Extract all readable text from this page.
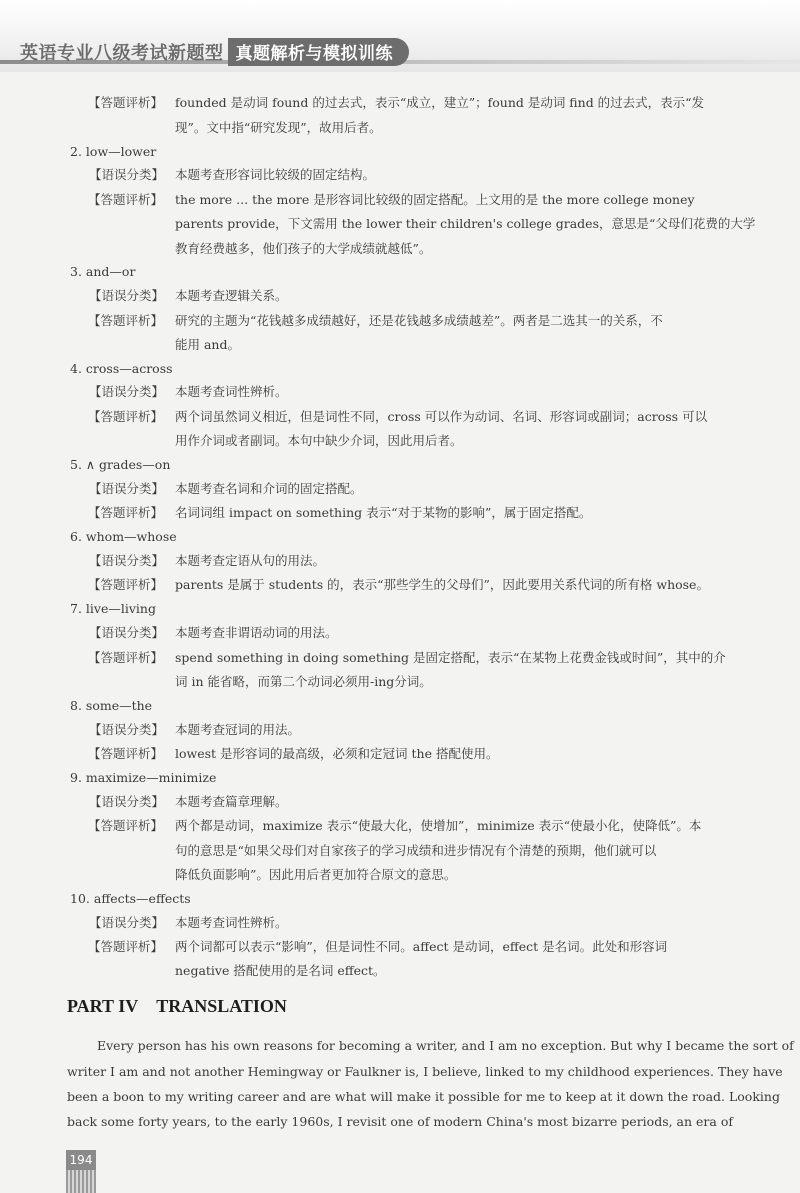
英语专业八级考试新题型 真题解析与模拟训练
【答题评析】 founded 是动词 found 的过去式，表示“成立，建立”；found 是动词 find 的过去式，表示“发
现”。文中指“研究发现”，故用后者。
2. low—lower
【语误分类】 本题考查形容词比较级的固定结构。
【答题评析】 the more ... the more 是形容词比较级的固定搭配。上文用的是 the more college money
parents provide，下文需用 the lower their children's college grades，意思是“父母们花费的大学
教育经费越多，他们孩子的大学成绩就越低”。
3. and—or
【语误分类】 本题考查逻辑关系。
【答题评析】 研究的主题为“花钱越多成绩越好，还是花钱越多成绩越差”。两者是二选其一的关系，不
能用 and。
4. cross—across
【语误分类】 本题考查词性辨析。
【答题评析】 两个词虽然词义相近，但是词性不同，cross 可以作为动词、名词、形容词或副词；across 可以
用作介词或者副词。本句中缺少介词，因此用后者。
5. ∧ grades—on
【语误分类】 本题考查名词和介词的固定搭配。
【答题评析】 名词词组 impact on something 表示“对于某物的影响”，属于固定搭配。
6. whom—whose
【语误分类】 本题考查定语从句的用法。
【答题评析】 parents 是属于 students 的，表示“那些学生的父母们”，因此要用关系代词的所有格 whose。
7. live—living
【语误分类】 本题考查非谓语动词的用法。
【答题评析】 spend something in doing something 是固定搭配，表示“在某物上花费金钱或时间”，其中的介
词 in 能省略，而第二个动词必须用-ing分词。
8. some—the
【语误分类】 本题考查冠词的用法。
【答题评析】 lowest 是形容词的最高级，必须和定冠词 the 搭配使用。
9. maximize—minimize
【语误分类】 本题考查篇章理解。
【答题评析】 两个都是动词，maximize 表示“使最大化，使增加”，minimize 表示“使最小化，使降低”。本
句的意思是“如果父母们对自家孩子的学习成绩和进步情况有个清楚的预期，他们就可以
降低负面影响”。因此用后者更加符合原文的意思。
10. affects—effects
【语误分类】 本题考查词性辨析。
【答题评析】 两个词都可以表示“影响”，但是词性不同。affect 是动词，effect 是名词。此处和形容词
negative 搭配使用的是名词 effect。
PART IV TRANSLATION
Every person has his own reasons for becoming a writer, and I am no exception. But why I became the sort of
writer I am and not another Hemingway or Faulkner is, I believe, linked to my childhood experiences. They have
been a boon to my writing career and are what will make it possible for me to keep at it down the road. Looking
back some forty years, to the early 1960s, I revisit one of modern China's most bizarre periods, an era of
194
